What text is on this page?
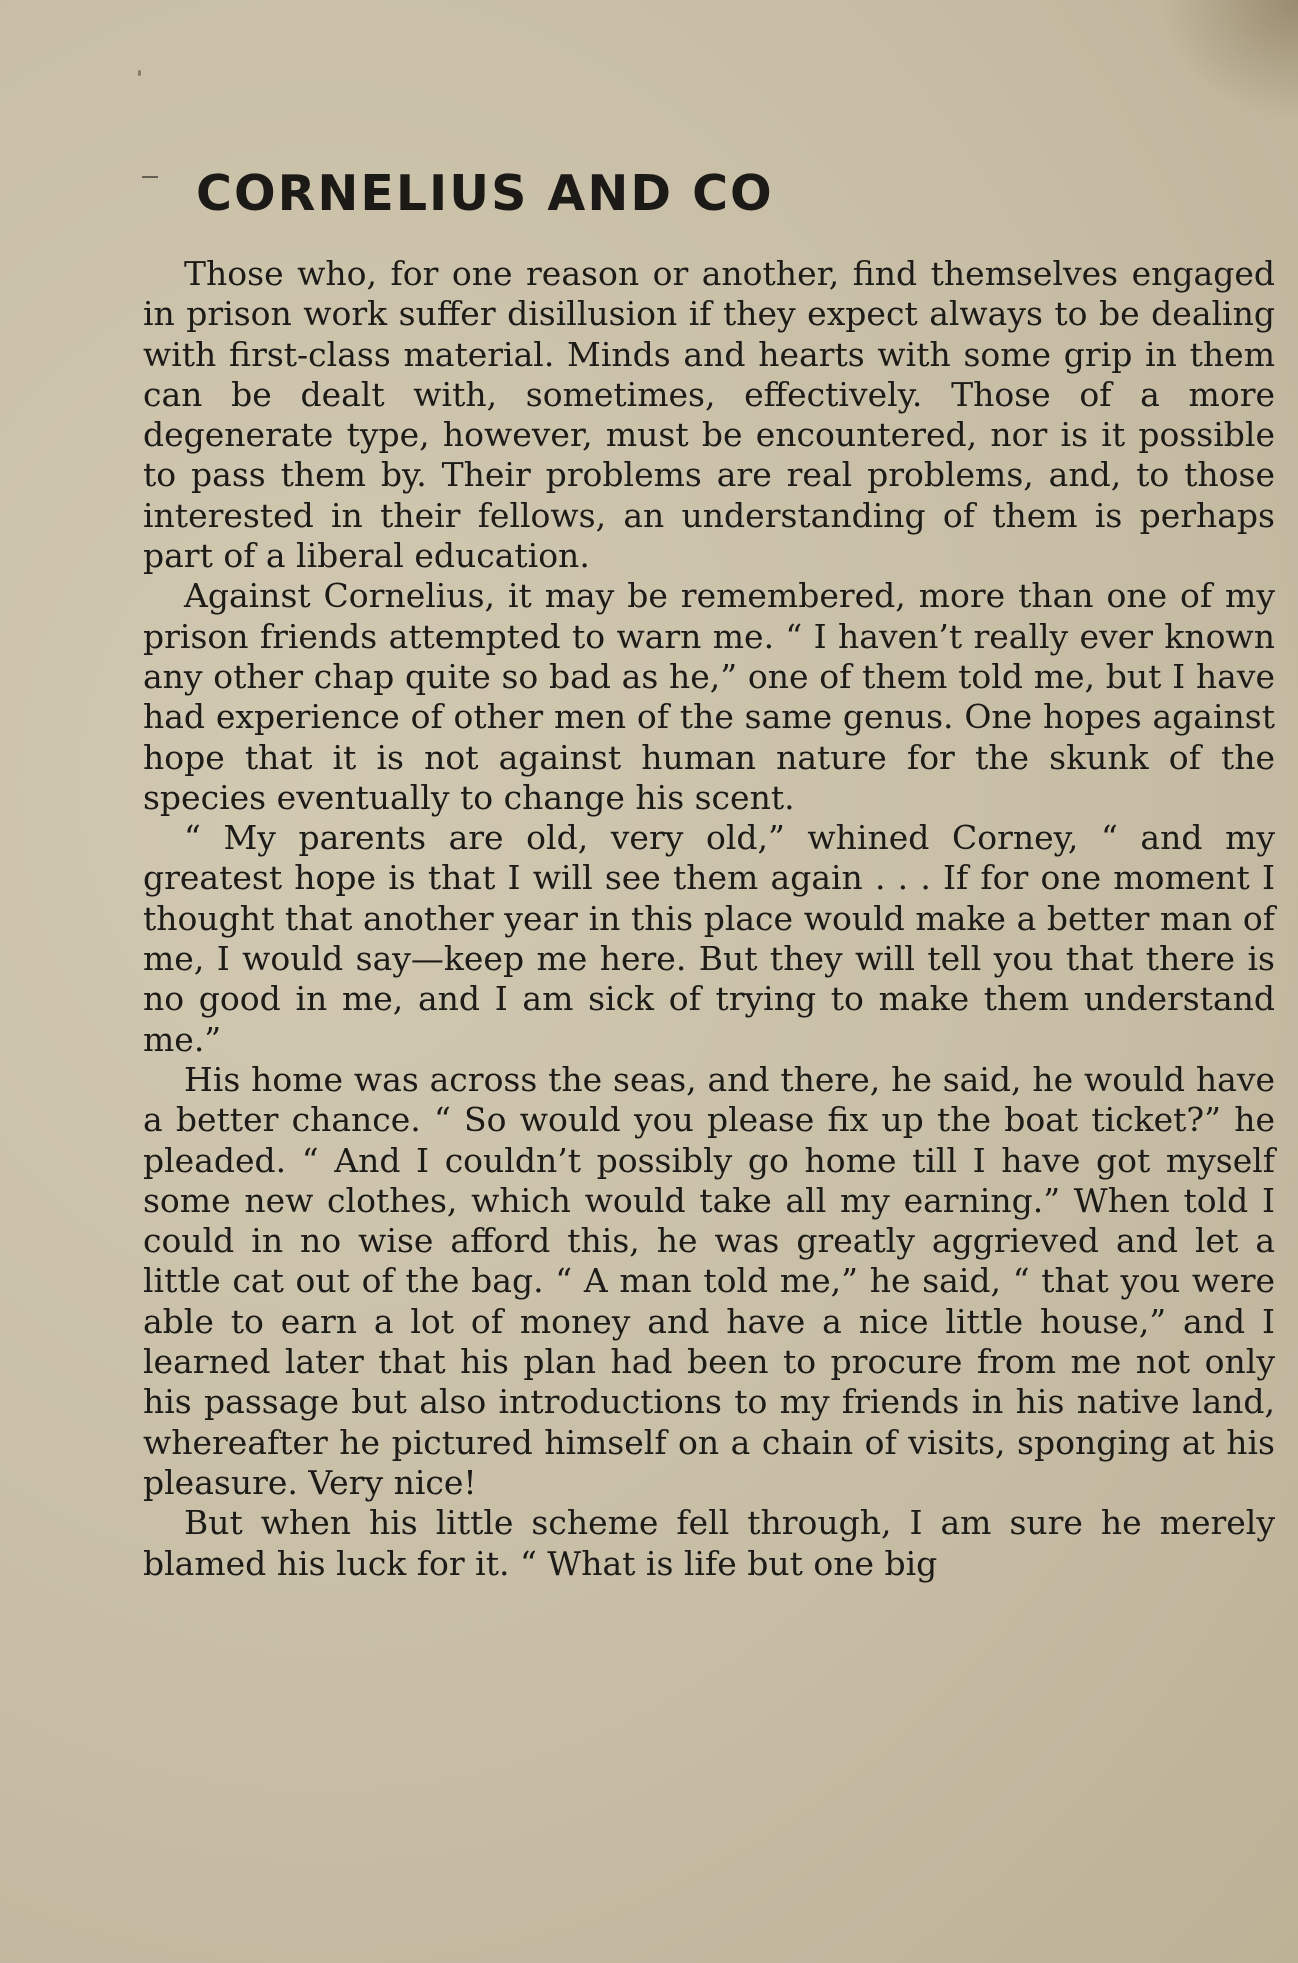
CORNELIUS AND CO

Those who, for one reason or another, find themselves engaged in prison work suffer disillusion if they expect always to be dealing with first-class material. Minds and hearts with some grip in them can be dealt with, sometimes, effectively. Those of a more degenerate type, however, must be encountered, nor is it possible to pass them by. Their problems are real problems, and, to those interested in their fellows, an understanding of them is perhaps part of a liberal education.

Against Cornelius, it may be remembered, more than one of my prison friends attempted to warn me. “ I haven’t really ever known any other chap quite so bad as he,” one of them told me, but I have had experience of other men of the same genus. One hopes against hope that it is not against human nature for the skunk of the species eventually to change his scent.

“ My parents are old, very old,” whined Corney, “ and my greatest hope is that I will see them again . . . If for one moment I thought that another year in this place would make a better man of me, I would say—keep me here. But they will tell you that there is no good in me, and I am sick of trying to make them understand me.”

His home was across the seas, and there, he said, he would have a better chance. “ So would you please fix up the boat ticket?” he pleaded. “ And I couldn’t possibly go home till I have got myself some new clothes, which would take all my earning.” When told I could in no wise afford this, he was greatly aggrieved and let a little cat out of the bag. “ A man told me,” he said, “ that you were able to earn a lot of money and have a nice little house,” and I learned later that his plan had been to procure from me not only his passage but also introductions to my friends in his native land, whereafter he pictured himself on a chain of visits, sponging at his pleasure. Very nice!

But when his little scheme fell through, I am sure he merely blamed his luck for it. “ What is life but one big
